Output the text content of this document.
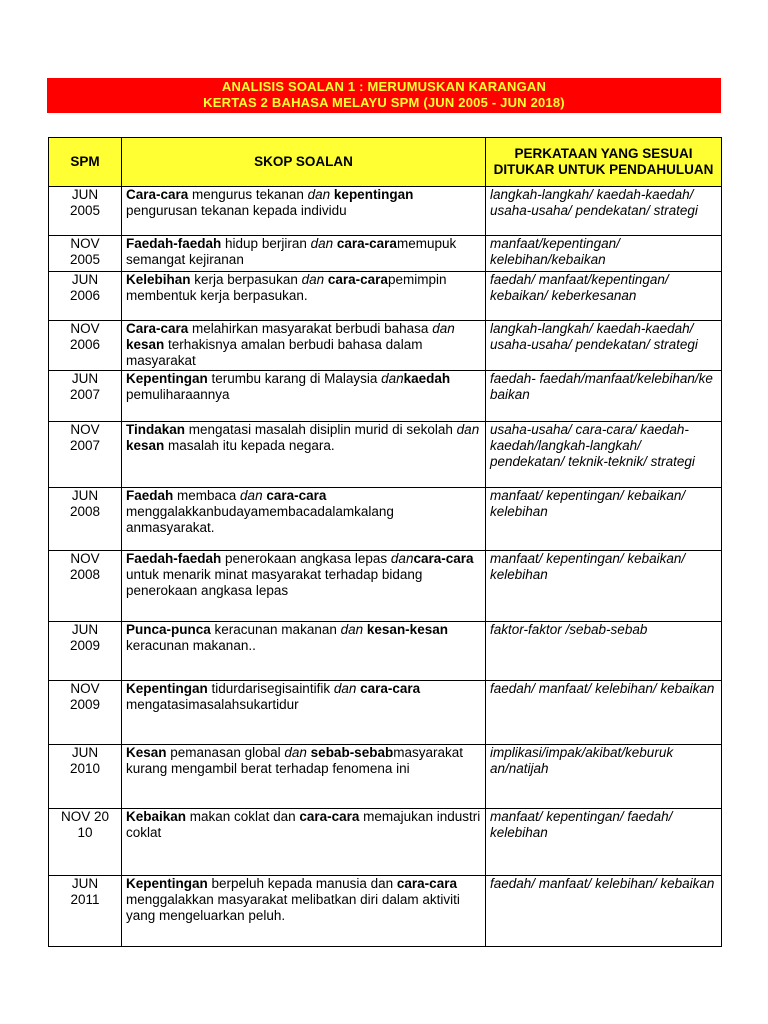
ANALISIS SOALAN 1 : MERUMUSKAN KARANGAN
KERTAS 2 BAHASA MELAYU SPM (JUN 2005 - JUN 2018)
SPM	SKOP SOALAN	PERKATAAN YANG SESUAI DITUKAR UNTUK PENDAHULUAN

JUN
2005	Cara-cara mengurus tekanan dan kepentingan pengurusan tekanan kepada individu	langkah-langkah/ kaedah-kaedah/ usaha-usaha/ pendekatan/ strategi

NOV
2005	Faedah-faedah hidup berjiran dan cara-caramemupuk semangat kejiranan	manfaat/kepentingan/ kelebihan/kebaikan

JUN
2006	Kelebihan kerja berpasukan dan cara-carapemimpin membentuk kerja berpasukan.	faedah/ manfaat/kepentingan/ kebaikan/ keberkesanan

NOV
2006	Cara-cara melahirkan masyarakat berbudi bahasa dan kesan terhakisnya amalan berbudi bahasa dalam masyarakat	langkah-langkah/ kaedah-kaedah/ usaha-usaha/ pendekatan/ strategi

JUN
2007	Kepentingan terumbu karang di Malaysia dankaedah pemuliharaannya	faedah- faedah/manfaat/kelebihan/ke baikan

NOV
2007	Tindakan mengatasi masalah disiplin murid di sekolah dan kesan masalah itu kepada negara.	usaha-usaha/ cara-cara/ kaedah-kaedah/langkah-langkah/ pendekatan/ teknik-teknik/ strategi

JUN
2008	Faedah membaca dan cara-cara menggalakkanbudayamembacadalamkalang anmasyarakat.	manfaat/ kepentingan/ kebaikan/ kelebihan

NOV
2008	Faedah-faedah penerokaan angkasa lepas dancara-cara untuk menarik minat masyarakat terhadap bidang penerokaan angkasa lepas	manfaat/ kepentingan/ kebaikan/ kelebihan

JUN
2009	Punca-punca keracunan makanan dan kesan-kesan keracunan makanan..	faktor-faktor /sebab-sebab

NOV
2009	Kepentingan tidurdarisegisaintifik dan cara-cara mengatasimasalahsukartidur	faedah/ manfaat/ kelebihan/ kebaikan

JUN
2010	Kesan pemanasan global dan sebab-sebabmasyarakat kurang mengambil berat terhadap fenomena ini	implikasi/impak/akibat/keburuk an/natijah

NOV 20
10	Kebaikan makan coklat dan cara-cara memajukan industri coklat	manfaat/ kepentingan/ faedah/ kelebihan

JUN
2011	Kepentingan berpeluh kepada manusia dan cara-cara menggalakkan masyarakat melibatkan diri dalam aktiviti yang mengeluarkan peluh.	faedah/ manfaat/ kelebihan/ kebaikan
